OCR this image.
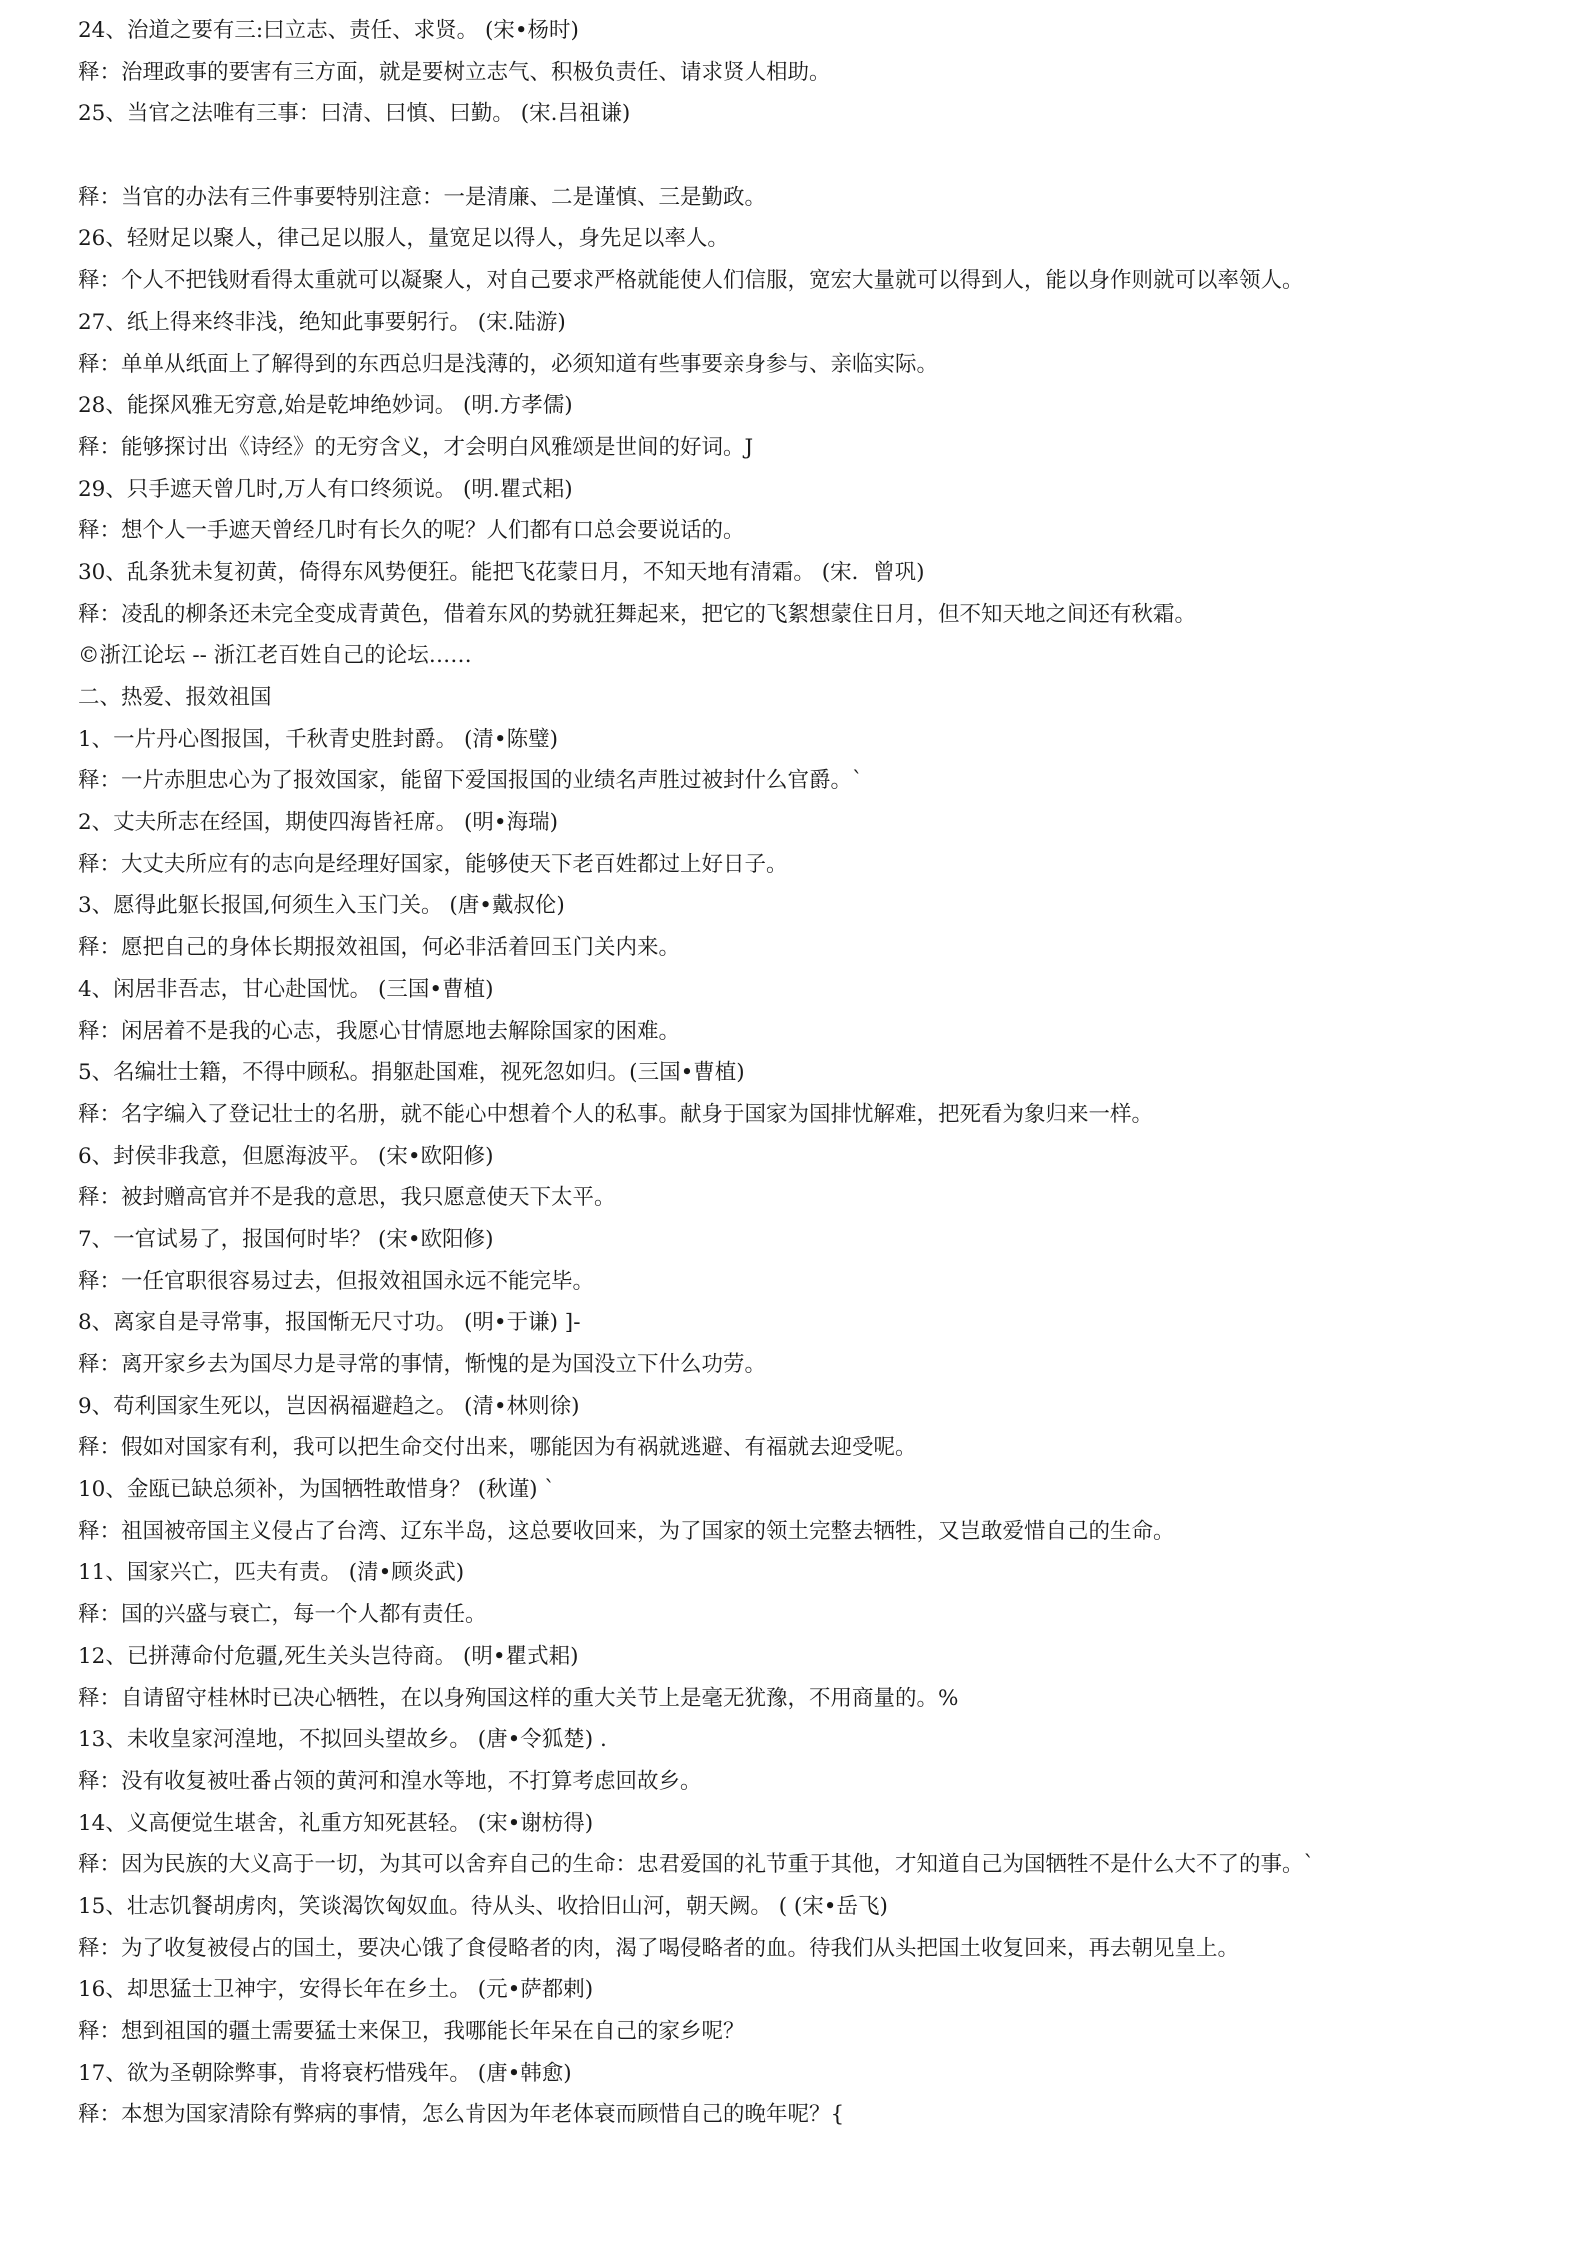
24、治道之要有三:曰立志、责任、求贤。 (宋•杨时)
释：治理政事的要害有三方面，就是要树立志气、积极负责任、请求贤人相助。
25、当官之法唯有三事：曰清、曰慎、曰勤。 (宋.吕祖谦)
释：当官的办法有三件事要特别注意：一是清廉、二是谨慎、三是勤政。
26、轻财足以聚人，律己足以服人，量宽足以得人，身先足以率人。
释：个人不把钱财看得太重就可以凝聚人，对自己要求严格就能使人们信服，宽宏大量就可以得到人，能以身作则就可以率领人。
27、纸上得来终非浅，绝知此事要躬行。 (宋.陆游)
释：单单从纸面上了解得到的东西总归是浅薄的，必须知道有些事要亲身参与、亲临实际。
28、能探风雅无穷意,始是乾坤绝妙词。 (明.方孝儒)
释：能够探讨出《诗经》的无穷含义，才会明白风雅颂是世间的好词。J
29、只手遮天曾几时,万人有口终须说。 (明.瞿式耜)
释：想个人一手遮天曾经几时有长久的呢？人们都有口总会要说话的。
30、乱条犹未复初黄，倚得东风势便狂。能把飞花蒙日月，不知天地有清霜。 (宋．曾巩)
释：凌乱的柳条还未完全变成青黄色，借着东风的势就狂舞起来，把它的飞絮想蒙住日月，但不知天地之间还有秋霜。
©浙江论坛 -- 浙江老百姓自己的论坛……
二、热爱、报效祖国
1、一片丹心图报国，千秋青史胜封爵。 (清•陈璧)
释：一片赤胆忠心为了报效国家，能留下爱国报国的业绩名声胜过被封什么官爵。`
2、丈夫所志在经国，期使四海皆衽席。 (明•海瑞)
释：大丈夫所应有的志向是经理好国家，能够使天下老百姓都过上好日子。
3、愿得此躯长报国,何须生入玉门关。 (唐•戴叔伦)
释：愿把自己的身体长期报效祖国，何必非活着回玉门关内来。
4、闲居非吾志，甘心赴国忧。 (三国•曹植)
释：闲居着不是我的心志，我愿心甘情愿地去解除国家的困难。
5、名编壮士籍，不得中顾私。捐躯赴国难，视死忽如归。(三国•曹植)
释：名字编入了登记壮士的名册，就不能心中想着个人的私事。献身于国家为国排忧解难，把死看为象归来一样。
6、封侯非我意，但愿海波平。 (宋•欧阳修)
释：被封赠高官并不是我的意思，我只愿意使天下太平。
7、一官试易了，报国何时毕？ (宋•欧阳修)
释：一任官职很容易过去，但报效祖国永远不能完毕。
8、离家自是寻常事，报国惭无尺寸功。 (明•于谦) ]-
释：离开家乡去为国尽力是寻常的事情，惭愧的是为国没立下什么功劳。
9、苟利国家生死以，岂因祸福避趋之。 (清•林则徐)
释：假如对国家有利，我可以把生命交付出来，哪能因为有祸就逃避、有福就去迎受呢。
10、金瓯已缺总须补，为国牺牲敢惜身？ (秋谨) `
释：祖国被帝国主义侵占了台湾、辽东半岛，这总要收回来，为了国家的领土完整去牺牲，又岂敢爱惜自己的生命。
11、国家兴亡，匹夫有责。 (清•顾炎武)
释：国的兴盛与衰亡，每一个人都有责任。
12、已拼薄命付危疆,死生关头岂待商。 (明•瞿式耜)
释：自请留守桂林时已决心牺牲，在以身殉国这样的重大关节上是毫无犹豫，不用商量的。%
13、未收皇家河湟地，不拟回头望故乡。 (唐•令狐楚) .
释：没有收复被吐番占领的黄河和湟水等地，不打算考虑回故乡。
14、义高便觉生堪舍，礼重方知死甚轻。 (宋•谢枋得)
释：因为民族的大义高于一切，为其可以舍弃自己的生命：忠君爱国的礼节重于其他，才知道自己为国牺牲不是什么大不了的事。`
15、壮志饥餐胡虏肉，笑谈渴饮匈奴血。待从头、收拾旧山河，朝天阙。 ( (宋•岳飞)
释：为了收复被侵占的国土，要决心饿了食侵略者的肉，渴了喝侵略者的血。待我们从头把国土收复回来，再去朝见皇上。
16、却思猛士卫神宇，安得长年在乡土。 (元•萨都剌)
释：想到祖国的疆土需要猛士来保卫，我哪能长年呆在自己的家乡呢？
17、欲为圣朝除弊事，肯将衰朽惜残年。 (唐•韩愈)
释：本想为国家清除有弊病的事情，怎么肯因为年老体衰而顾惜自己的晚年呢？{
